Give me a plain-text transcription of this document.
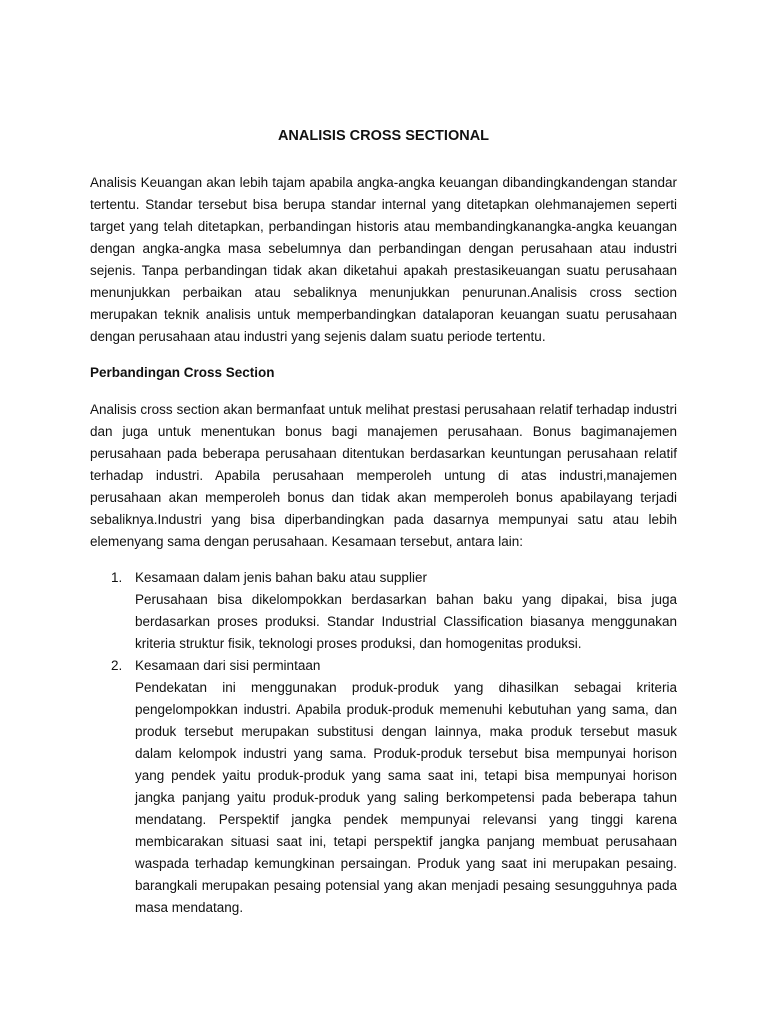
ANALISIS CROSS SECTIONAL

Analisis Keuangan akan lebih tajam apabila angka-angka keuangan dibandingkandengan standar tertentu. Standar tersebut bisa berupa standar internal yang ditetapkan olehmanajemen seperti target yang telah ditetapkan, perbandingan historis atau membandingkanangka-angka keuangan dengan angka-angka masa sebelumnya dan perbandingan dengan perusahaan atau industri sejenis. Tanpa perbandingan tidak akan diketahui apakah prestasikeuangan suatu perusahaan menunjukkan perbaikan atau sebaliknya menunjukkan penurunan.Analisis cross section merupakan teknik analisis untuk memperbandingkan datalaporan keuangan suatu perusahaan dengan perusahaan atau industri yang sejenis dalam suatu periode tertentu.

Perbandingan Cross Section

Analisis cross section akan bermanfaat untuk melihat prestasi perusahaan relatif terhadap industri dan juga untuk menentukan bonus bagi manajemen perusahaan. Bonus bagimanajemen perusahaan pada beberapa perusahaan ditentukan berdasarkan keuntungan perusahaan relatif terhadap industri. Apabila perusahaan memperoleh untung di atas industri,manajemen perusahaan akan memperoleh bonus dan tidak akan memperoleh bonus apabilayang terjadi sebaliknya.Industri yang bisa diperbandingkan pada dasarnya mempunyai satu atau lebih elemenyang sama dengan perusahaan. Kesamaan tersebut, antara lain:

1. Kesamaan dalam jenis bahan baku atau supplier
Perusahaan bisa dikelompokkan berdasarkan bahan baku yang dipakai, bisa juga berdasarkan proses produksi. Standar Industrial Classification biasanya menggunakan kriteria struktur fisik, teknologi proses produksi, dan homogenitas produksi.
2. Kesamaan dari sisi permintaan
Pendekatan ini menggunakan produk-produk yang dihasilkan sebagai kriteria pengelompokkan industri. Apabila produk-produk memenuhi kebutuhan yang sama, dan produk tersebut merupakan substitusi dengan lainnya, maka produk tersebut masuk dalam kelompok industri yang sama. Produk-produk tersebut bisa mempunyai horison yang pendek yaitu produk-produk yang sama saat ini, tetapi bisa mempunyai horison jangka panjang yaitu produk-produk yang saling berkompetensi pada beberapa tahun mendatang. Perspektif jangka pendek mempunyai relevansi yang tinggi karena membicarakan situasi saat ini, tetapi perspektif jangka panjang membuat perusahaan waspada terhadap kemungkinan persaingan. Produk yang saat ini merupakan pesaing. barangkali merupakan pesaing potensial yang akan menjadi pesaing sesungguhnya pada masa mendatang.
